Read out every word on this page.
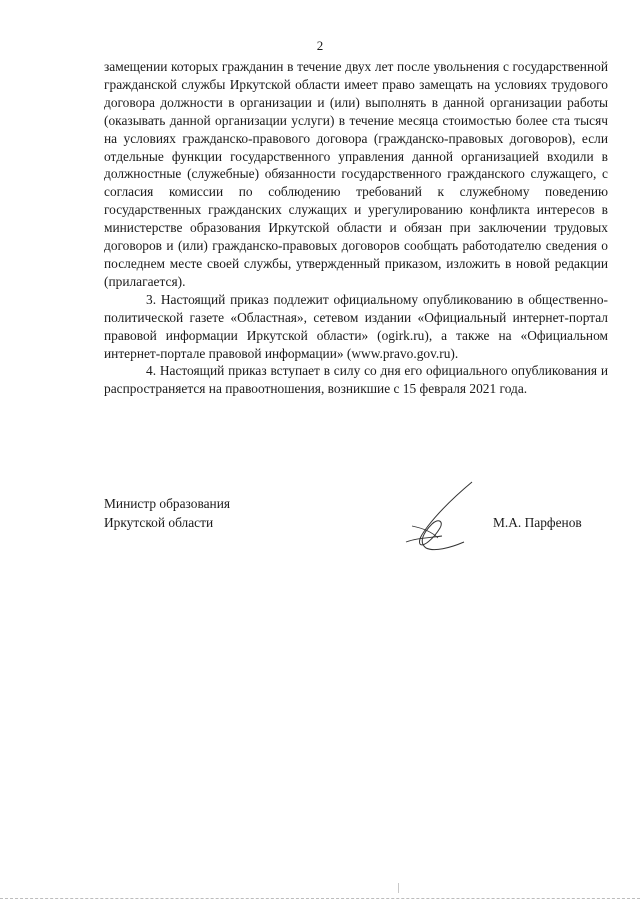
2

замещении которых гражданин в течение двух лет после увольнения с государственной гражданской службы Иркутской области имеет право замещать на условиях трудового договора должности в организации и (или) выполнять в данной организации работы (оказывать данной организации услуги) в течение месяца стоимостью более ста тысяч на условиях гражданско-правового договора (гражданско-правовых договоров), если отдельные функции государственного управления данной организацией входили в должностные (служебные) обязанности государственного гражданского служащего, с согласия комиссии по соблюдению требований к служебному поведению государственных гражданских служащих и урегулированию конфликта интересов в министерстве образования Иркутской области и обязан при заключении трудовых договоров и (или) гражданско-правовых договоров сообщать работодателю сведения о последнем месте своей службы, утвержденный приказом, изложить в новой редакции (прилагается).

3. Настоящий приказ подлежит официальному опубликованию в общественно-политической газете «Областная», сетевом издании «Официальный интернет-портал правовой информации Иркутской области» (ogirk.ru), а также на «Официальном интернет-портале правовой информации» (www.pravo.gov.ru).

4. Настоящий приказ вступает в силу со дня его официального опубликования и распространяется на правоотношения, возникшие с 15 февраля 2021 года.

Министр образования
Иркутской области	М.А. Парфенов
